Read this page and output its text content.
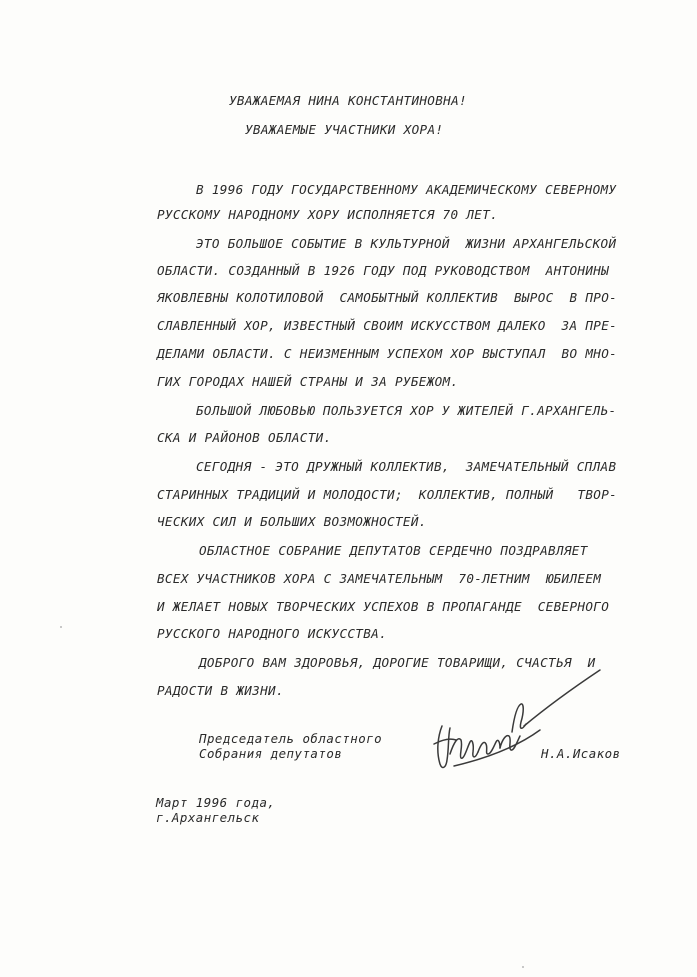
УВАЖАЕМАЯ НИНА КОНСТАНТИНОВНА!
УВАЖАЕМЫЕ УЧАСТНИКИ ХОРА!
В 1996 ГОДУ ГОСУДАРСТВЕННОМУ АКАДЕМИЧЕСКОМУ СЕВЕРНОМУ
РУССКОМУ НАРОДНОМУ ХОРУ ИСПОЛНЯЕТСЯ 70 ЛЕТ.
ЭТО БОЛЬШОЕ СОБЫТИЕ В КУЛЬТУРНОЙ  ЖИЗНИ АРХАНГЕЛЬСКОЙ
ОБЛАСТИ. СОЗДАННЫЙ В 1926 ГОДУ ПОД РУКОВОДСТВОМ  АНТОНИНЫ
ЯКОВЛЕВНЫ КОЛОТИЛОВОЙ  САМОБЫТНЫЙ КОЛЛЕКТИВ  ВЫРОС  В ПРО-
СЛАВЛЕННЫЙ ХОР, ИЗВЕСТНЫЙ СВОИМ ИСКУССТВОМ ДАЛЕКО  ЗА ПРЕ-
ДЕЛАМИ ОБЛАСТИ. С НЕИЗМЕННЫМ УСПЕХОМ ХОР ВЫСТУПАЛ  ВО МНО-
ГИХ ГОРОДАХ НАШЕЙ СТРАНЫ И ЗА РУБЕЖОМ.
БОЛЬШОЙ ЛЮБОВЬЮ ПОЛЬЗУЕТСЯ ХОР У ЖИТЕЛЕЙ Г.АРХАНГЕЛЬ-
СКА И РАЙОНОВ ОБЛАСТИ.
СЕГОДНЯ - ЭТО ДРУЖНЫЙ КОЛЛЕКТИВ,  ЗАМЕЧАТЕЛЬНЫЙ СПЛАВ
СТАРИННЫХ ТРАДИЦИЙ И МОЛОДОСТИ;  КОЛЛЕКТИВ, ПОЛНЫЙ   ТВОР-
ЧЕСКИХ СИЛ И БОЛЬШИХ ВОЗМОЖНОСТЕЙ.
ОБЛАСТНОЕ СОБРАНИЕ ДЕПУТАТОВ СЕРДЕЧНО ПОЗДРАВЛЯЕТ
ВСЕХ УЧАСТНИКОВ ХОРА С ЗАМЕЧАТЕЛЬНЫМ  70-ЛЕТНИМ  ЮБИЛЕЕМ
И ЖЕЛАЕТ НОВЫХ ТВОРЧЕСКИХ УСПЕХОВ В ПРОПАГАНДЕ  СЕВЕРНОГО
РУССКОГО НАРОДНОГО ИСКУССТВА.
ДОБРОГО ВАМ ЗДОРОВЬЯ, ДОРОГИЕ ТОВАРИЩИ, СЧАСТЬЯ  И
РАДОСТИ В ЖИЗНИ.
Председатель областного
Собрания депутатов	Н.А.Исаков
Март 1996 года,
г.Архангельск
